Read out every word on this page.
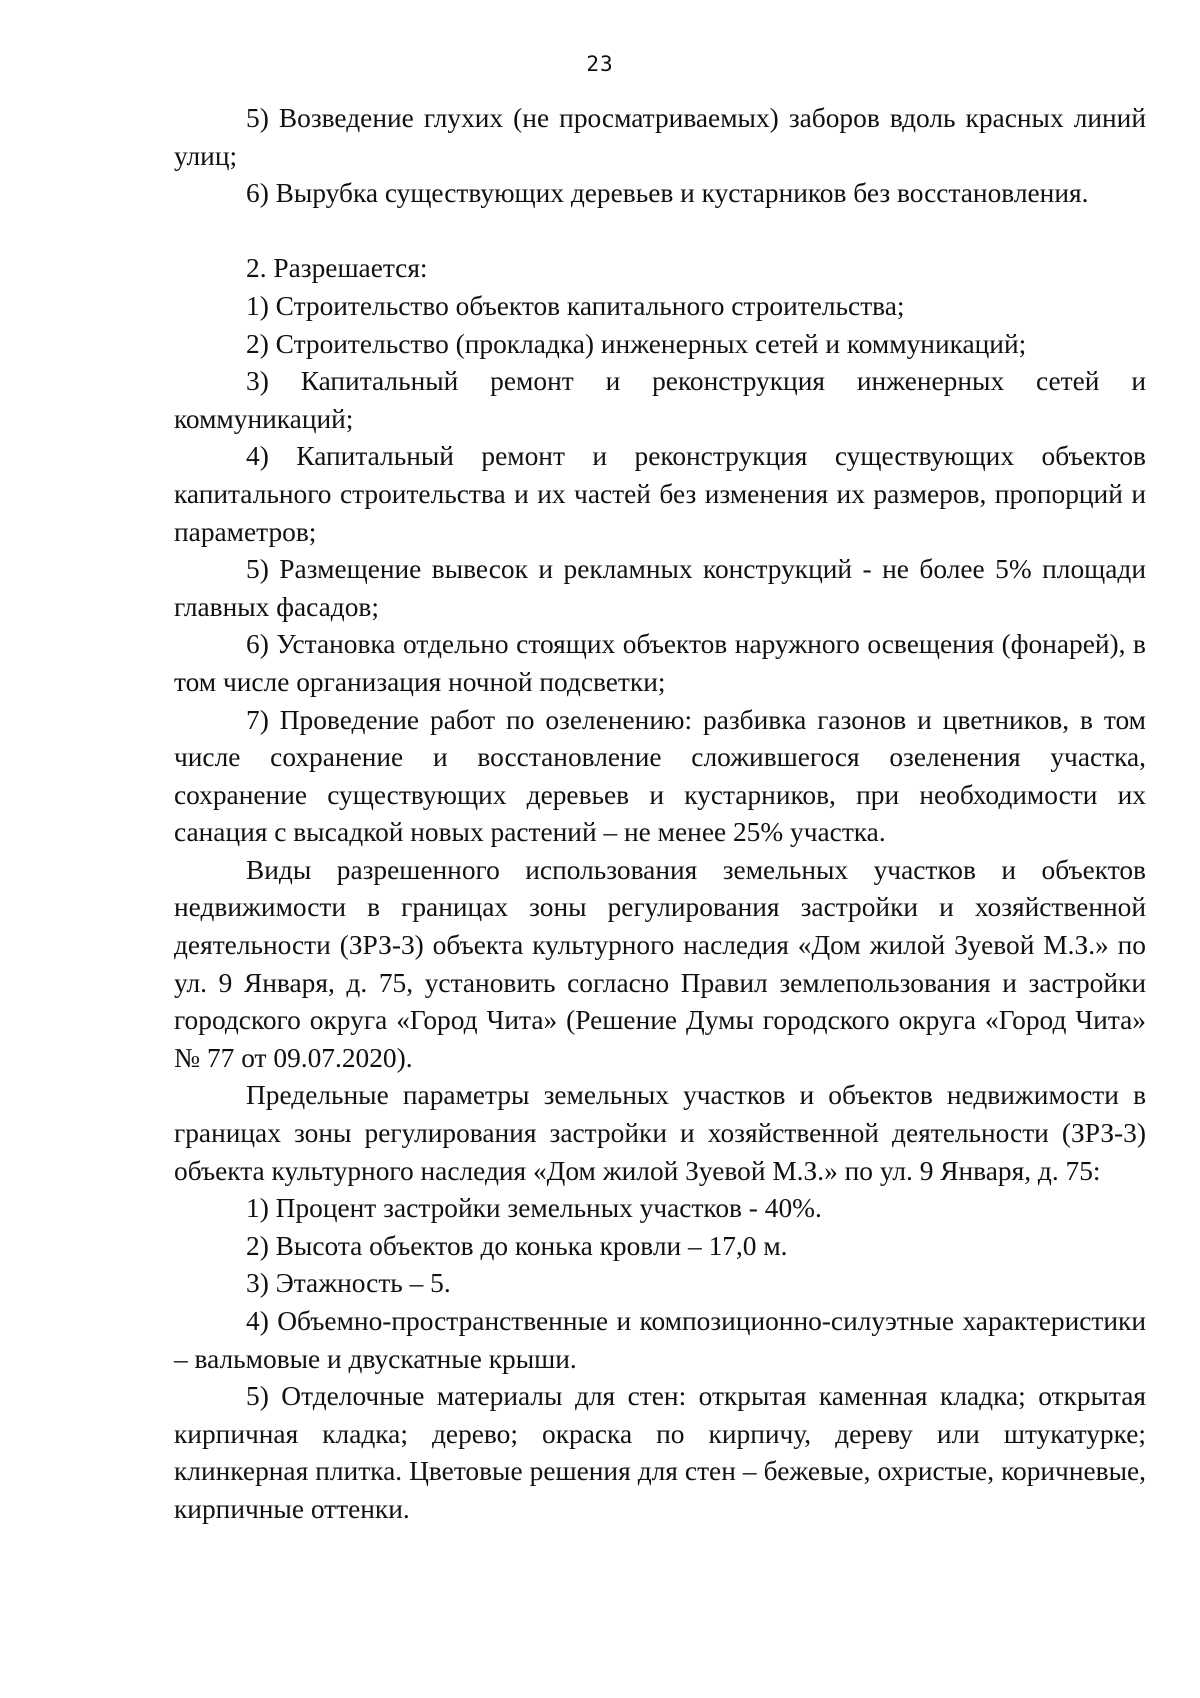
23

5) Возведение глухих (не просматриваемых) заборов вдоль красных линий улиц;

6) Вырубка существующих деревьев и кустарников без восстановления.

2. Разрешается:

1) Строительство объектов капитального строительства;

2) Строительство (прокладка) инженерных сетей и коммуникаций;

3) Капитальный ремонт и реконструкция инженерных сетей и коммуникаций;

4) Капитальный ремонт и реконструкция существующих объектов капитального строительства и их частей без изменения их размеров, пропорций и параметров;

5) Размещение вывесок и рекламных конструкций - не более 5% площади главных фасадов;

6) Установка отдельно стоящих объектов наружного освещения (фонарей), в том числе организация ночной подсветки;

7) Проведение работ по озеленению: разбивка газонов и цветников, в том числе сохранение и восстановление сложившегося озеленения участка, сохранение существующих деревьев и кустарников, при необходимости их санация с высадкой новых растений – не менее 25% участка.

Виды разрешенного использования земельных участков и объектов недвижимости в границах зоны регулирования застройки и хозяйственной деятельности (ЗРЗ-3) объекта культурного наследия «Дом жилой Зуевой М.З.» по ул. 9 Января, д. 75, установить согласно Правил землепользования и застройки городского округа «Город Чита» (Решение Думы городского округа «Город Чита» № 77 от 09.07.2020).

Предельные параметры земельных участков и объектов недвижимости в границах зоны регулирования застройки и хозяйственной деятельности (ЗРЗ-3) объекта культурного наследия «Дом жилой Зуевой М.З.» по ул. 9 Января, д. 75:

1) Процент застройки земельных участков - 40%.

2) Высота объектов до конька кровли – 17,0 м.

3) Этажность – 5.

4) Объемно-пространственные и композиционно-силуэтные характеристики – вальмовые и двускатные крыши.

5) Отделочные материалы для стен: открытая каменная кладка; открытая кирпичная кладка; дерево; окраска по кирпичу, дереву или штукатурке; клинкерная плитка. Цветовые решения для стен – бежевые, охристые, коричневые, кирпичные оттенки.
